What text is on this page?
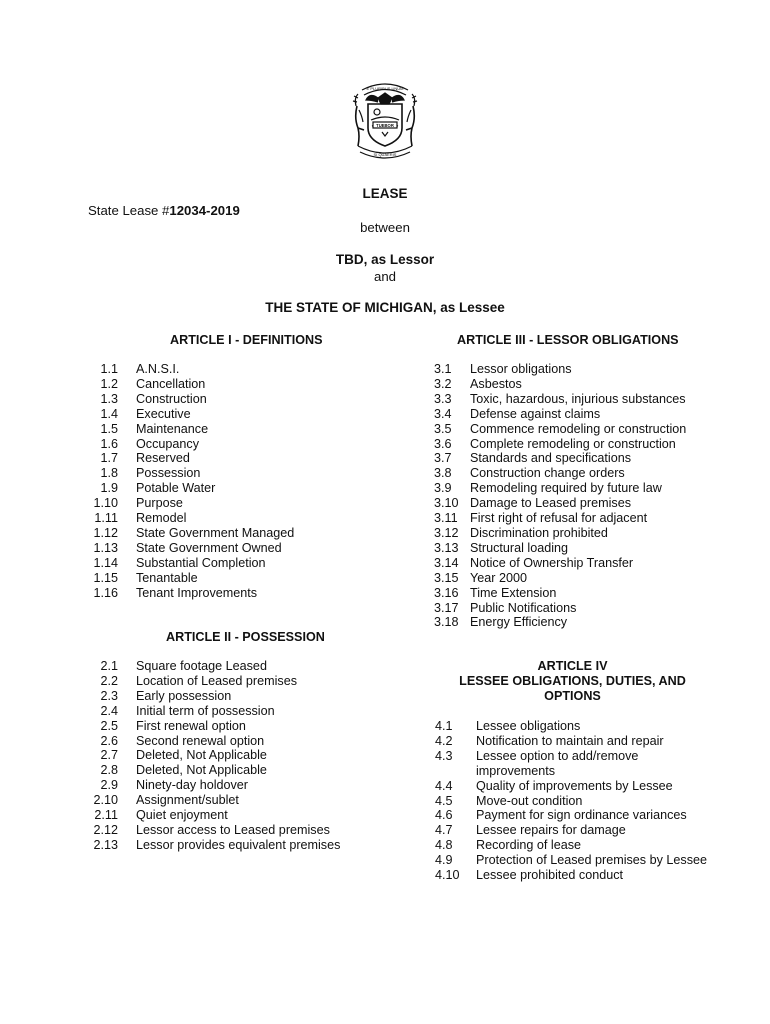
E PLURIBUS UNUM
TUEBOR
SI QUAERIS
LEASE
State Lease #12034-2019
between
TBD, as Lessor
and
THE STATE OF MICHIGAN, as Lessee
ARTICLE I - DEFINITIONS
1.1 A.N.S.I.
1.2 Cancellation
1.3 Construction
1.4 Executive
1.5 Maintenance
1.6 Occupancy
1.7 Reserved
1.8 Possession
1.9 Potable Water
1.10 Purpose
1.11 Remodel
1.12 State Government Managed
1.13 State Government Owned
1.14 Substantial Completion
1.15 Tenantable
1.16 Tenant Improvements
ARTICLE II - POSSESSION
2.1 Square footage Leased
2.2 Location of Leased premises
2.3 Early possession
2.4 Initial term of possession
2.5 First renewal option
2.6 Second renewal option
2.7 Deleted, Not Applicable
2.8 Deleted, Not Applicable
2.9 Ninety-day holdover
2.10 Assignment/sublet
2.11 Quiet enjoyment
2.12 Lessor access to Leased premises
2.13 Lessor provides equivalent premises
ARTICLE III - LESSOR OBLIGATIONS
3.1	Lessor obligations
3.2	Asbestos
3.3	Toxic, hazardous, injurious substances
3.4	Defense against claims
3.5	Commence remodeling or construction
3.6	Complete remodeling or construction
3.7	Standards and specifications
3.8	Construction change orders
3.9	Remodeling required by future law
3.10 Damage to Leased premises
3.11 First right of refusal for adjacent
3.12 Discrimination prohibited
3.13 Structural loading
3.14 Notice of Ownership Transfer
3.15 Year 2000
3.16 Time Extension
3.17 Public Notifications
3.18 Energy Efficiency
ARTICLE IV
LESSEE OBLIGATIONS, DUTIES, AND
OPTIONS
4.1	Lessee obligations
4.2	Notification to maintain and repair
4.3	Lessee option to add/remove improvements
4.4	Quality of improvements by Lessee
4.5	Move-out condition
4.6	Payment for sign ordinance variances
4.7	Lessee repairs for damage
4.8	Recording of lease
4.9	Protection of Leased premises by Lessee
4.10	Lessee prohibited conduct
